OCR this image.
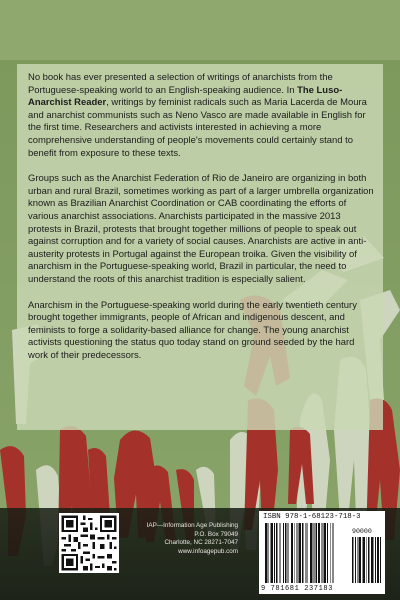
No book has ever presented a selection of writings of anarchists from the Portuguese-speaking world to an English-speaking audience. In The Luso-Anarchist Reader, writings by feminist radicals such as Maria Lacerda de Moura and anarchist communists such as Neno Vasco are made available in English for the first time. Researchers and activists interested in achieving a more comprehensive understanding of people's movements could certainly stand to benefit from exposure to these texts.

Groups such as the Anarchist Federation of Rio de Janeiro are organizing in both urban and rural Brazil, sometimes working as part of a larger umbrella organization known as Brazilian Anarchist Coordination or CAB coordinating the efforts of various anarchist associations. Anarchists participated in the massive 2013 protests in Brazil, protests that brought together millions of people to speak out against corruption and for a variety of social causes. Anarchists are active in anti-austerity protests in Portugal against the European troika. Given the visibility of anarchism in the Portuguese-speaking world, Brazil in particular, the need to understand the roots of this anarchist tradition is especially salient.

Anarchism in the Portuguese-speaking world during the early twentieth century brought together immigrants, people of African and indigenous descent, and feminists to forge a solidarity-based alliance for change. The young anarchist activists questioning the status quo today stand on ground seeded by the hard work of their predecessors.

IAP—Information Age Publishing
P.O. Box 79049
Charlotte, NC 28271-7047
www.infoagepub.com
ISBN 978-1-68123-718-3
9 781681 237183
90000
